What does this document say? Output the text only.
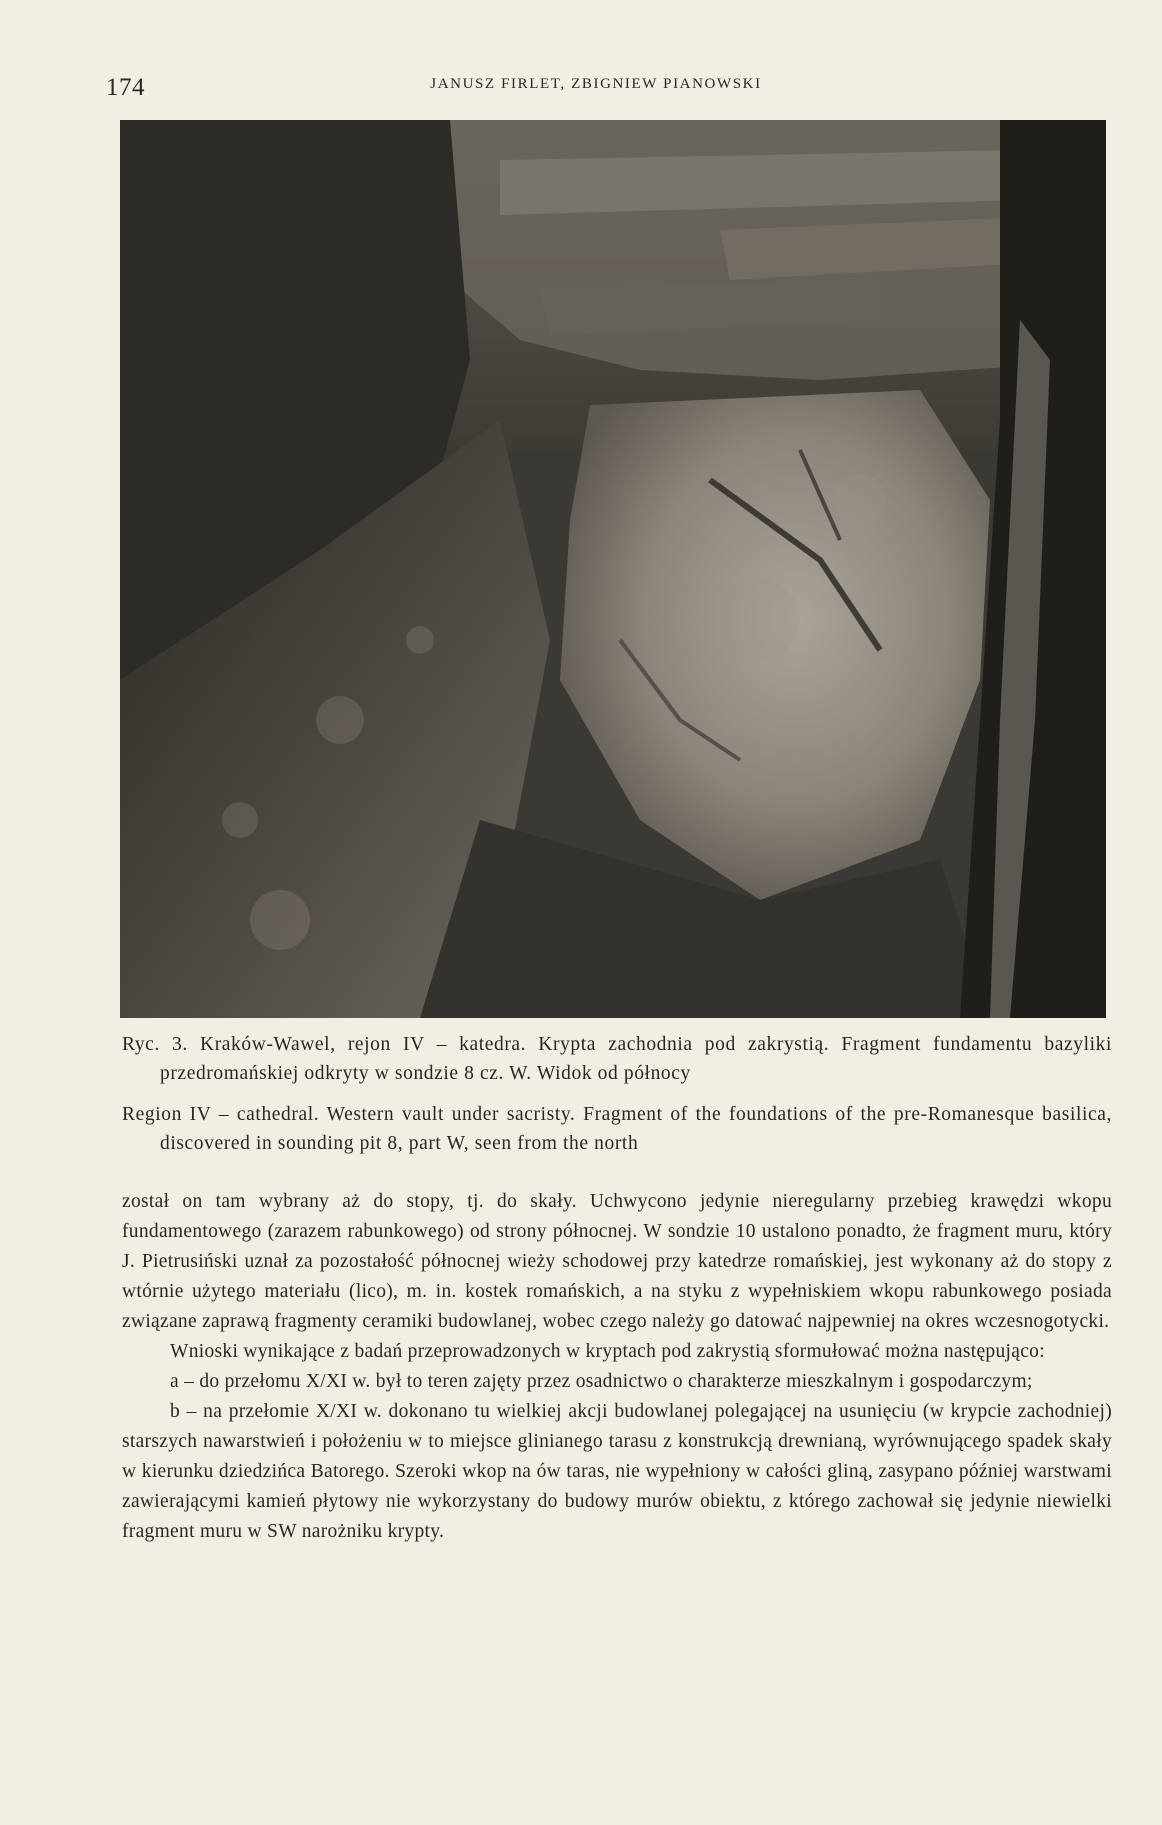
174	JANUSZ FIRLET, ZBIGNIEW PIANOWSKI

Ryc. 3. Kraków-Wawel, rejon IV – katedra. Krypta zachodnia pod zakrystią. Fragment fundamentu bazyliki przedromańskiej odkryty w sondzie 8 cz. W. Widok od północy

Region IV – cathedral. Western vault under sacristy. Fragment of the foundations of the pre-Romanesque basilica, discovered in sounding pit 8, part W, seen from the north

został on tam wybrany aż do stopy, tj. do skały. Uchwycono jedynie nieregularny przebieg krawędzi wkopu fundamentowego (zarazem rabunkowego) od strony północnej. W sondzie 10 ustalono ponadto, że fragment muru, który J. Pietrusiński uznał za pozostałość północnej wieży schodowej przy katedrze romańskiej, jest wykonany aż do stopy z wtórnie użytego materiału (lico), m. in. kostek romańskich, a na styku z wypełniskiem wkopu rabunkowego posiada związane zaprawą fragmenty ceramiki budowlanej, wobec czego należy go datować najpewniej na okres wczesnogotycki.

Wnioski wynikające z badań przeprowadzonych w kryptach pod zakrystią sformułować można następująco:

a – do przełomu X/XI w. był to teren zajęty przez osadnictwo o charakterze mieszkalnym i gospodarczym;

b – na przełomie X/XI w. dokonano tu wielkiej akcji budowlanej polegającej na usunięciu (w krypcie zachodniej) starszych nawarstwień i położeniu w to miejsce glinianego tarasu z konstrukcją drewnianą, wyrównującego spadek skały w kierunku dziedzińca Batorego. Szeroki wkop na ów taras, nie wypełniony w całości gliną, zasypano później warstwami zawierającymi kamień płytowy nie wykorzystany do budowy murów obiektu, z którego zachował się jedynie niewielki fragment muru w SW narożniku krypty.
